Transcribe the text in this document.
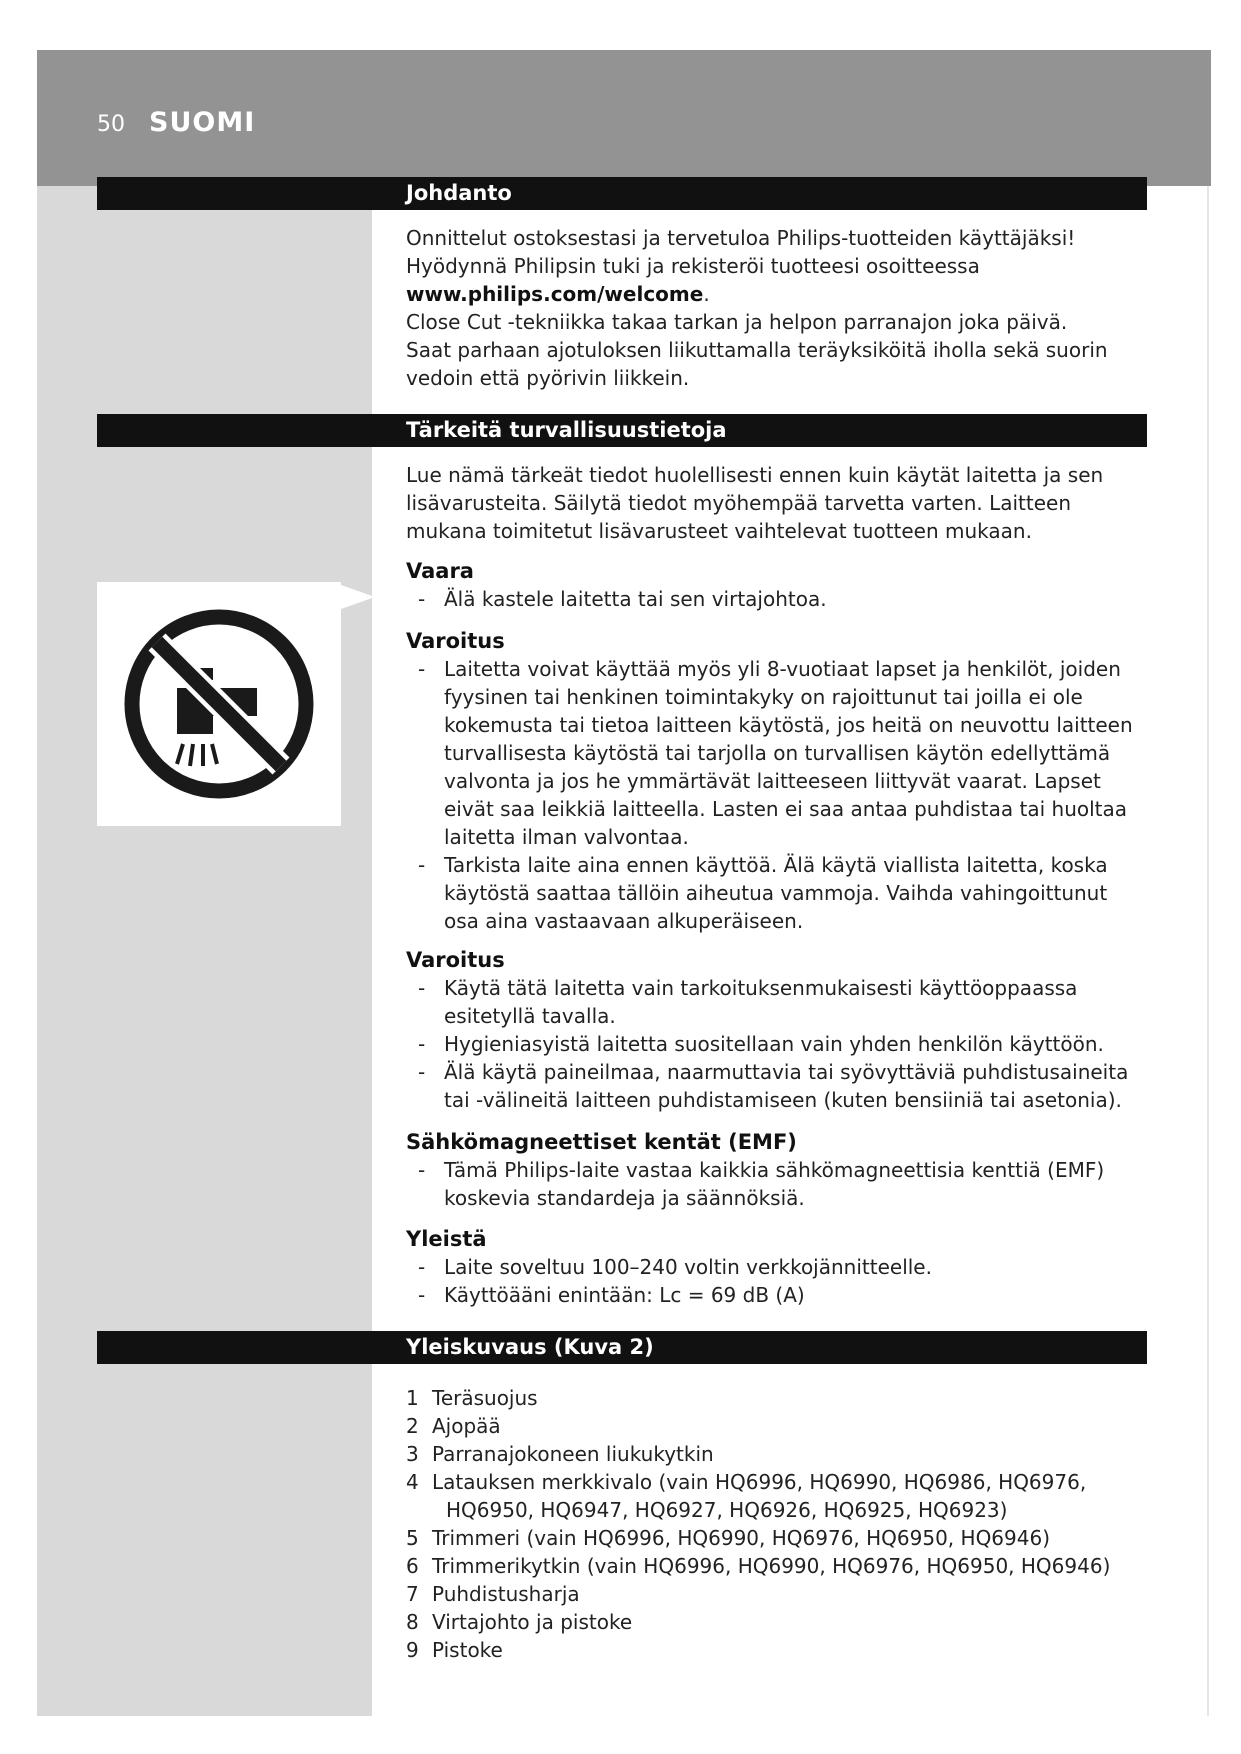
50 SUOMI
Johdanto

Onnittelut ostoksestasi ja tervetuloa Philips-tuotteiden käyttäjäksi!

Hyödynnä Philipsin tuki ja rekisteröi tuotteesi osoitteessa

www.philips.com/welcome.

Close Cut -tekniikka takaa tarkan ja helpon parranajon joka päivä.

Saat parhaan ajotuloksen liikuttamalla teräyksiköitä iholla sekä suorin vedoin että pyörivin liikkein.

Tärkeitä turvallisuustietoja
Lue nämä tärkeät tiedot huolellisesti ennen kuin käytät laitetta ja sen lisävarusteita. Säilytä tiedot myöhempää tarvetta varten. Laitteen mukana toimitetut lisävarusteet vaihtelevat tuotteen mukaan.
Vaara
- Älä kastele laitetta tai sen virtajohtoa.
Varoitus
- Laitetta voivat käyttää myös yli 8-vuotiaat lapset ja henkilöt, joiden fyysinen tai henkinen toimintakyky on rajoittunut tai joilla ei ole kokemusta tai tietoa laitteen käytöstä, jos heitä on neuvottu laitteen turvallisesta käytöstä tai tarjolla on turvallisen käytön edellyttämä valvonta ja jos he ymmärtävät laitteeseen liittyvät vaarat. Lapset eivät saa leikkiä laitteella. Lasten ei saa antaa puhdistaa tai huoltaa laitetta ilman valvontaa.
- Tarkista laite aina ennen käyttöä. Älä käytä viallista laitetta, koska käytöstä saattaa tällöin aiheutua vammoja. Vaihda vahingoittunut osa aina vastaavaan alkuperäiseen.
Varoitus
- Käytä tätä laitetta vain tarkoituksenmukaisesti käyttöoppaassa esitetyllä tavalla.
- Hygieniasyistä laitetta suositellaan vain yhden henkilön käyttöön.
- Älä käytä paineilmaa, naarmuttavia tai syövyttäviä puhdistusaineita tai -välineitä laitteen puhdistamiseen (kuten bensiiniä tai asetonia).
Sähkömagneettiset kentät (EMF)
- Tämä Philips-laite vastaa kaikkia sähkömagneettisia kenttiä (EMF) koskevia standardeja ja säännöksiä.
Yleistä
- Laite soveltuu 100–240 voltin verkkojännitteelle.
- Käyttöääni enintään: Lc = 69 dB (A)
Yleiskuvaus (Kuva 2)
1 Teräsuojus
2 Ajopää
3 Parranajokoneen liukukytkin
4 Latauksen merkkivalo (vain HQ6996, HQ6990, HQ6986, HQ6976, HQ6950, HQ6947, HQ6927, HQ6926, HQ6925, HQ6923)
5 Trimmeri (vain HQ6996, HQ6990, HQ6976, HQ6950, HQ6946)
6 Trimmerikytkin (vain HQ6996, HQ6990, HQ6976, HQ6950, HQ6946)
7 Puhdistusharja
8 Virtajohto ja pistoke
9 Pistoke
